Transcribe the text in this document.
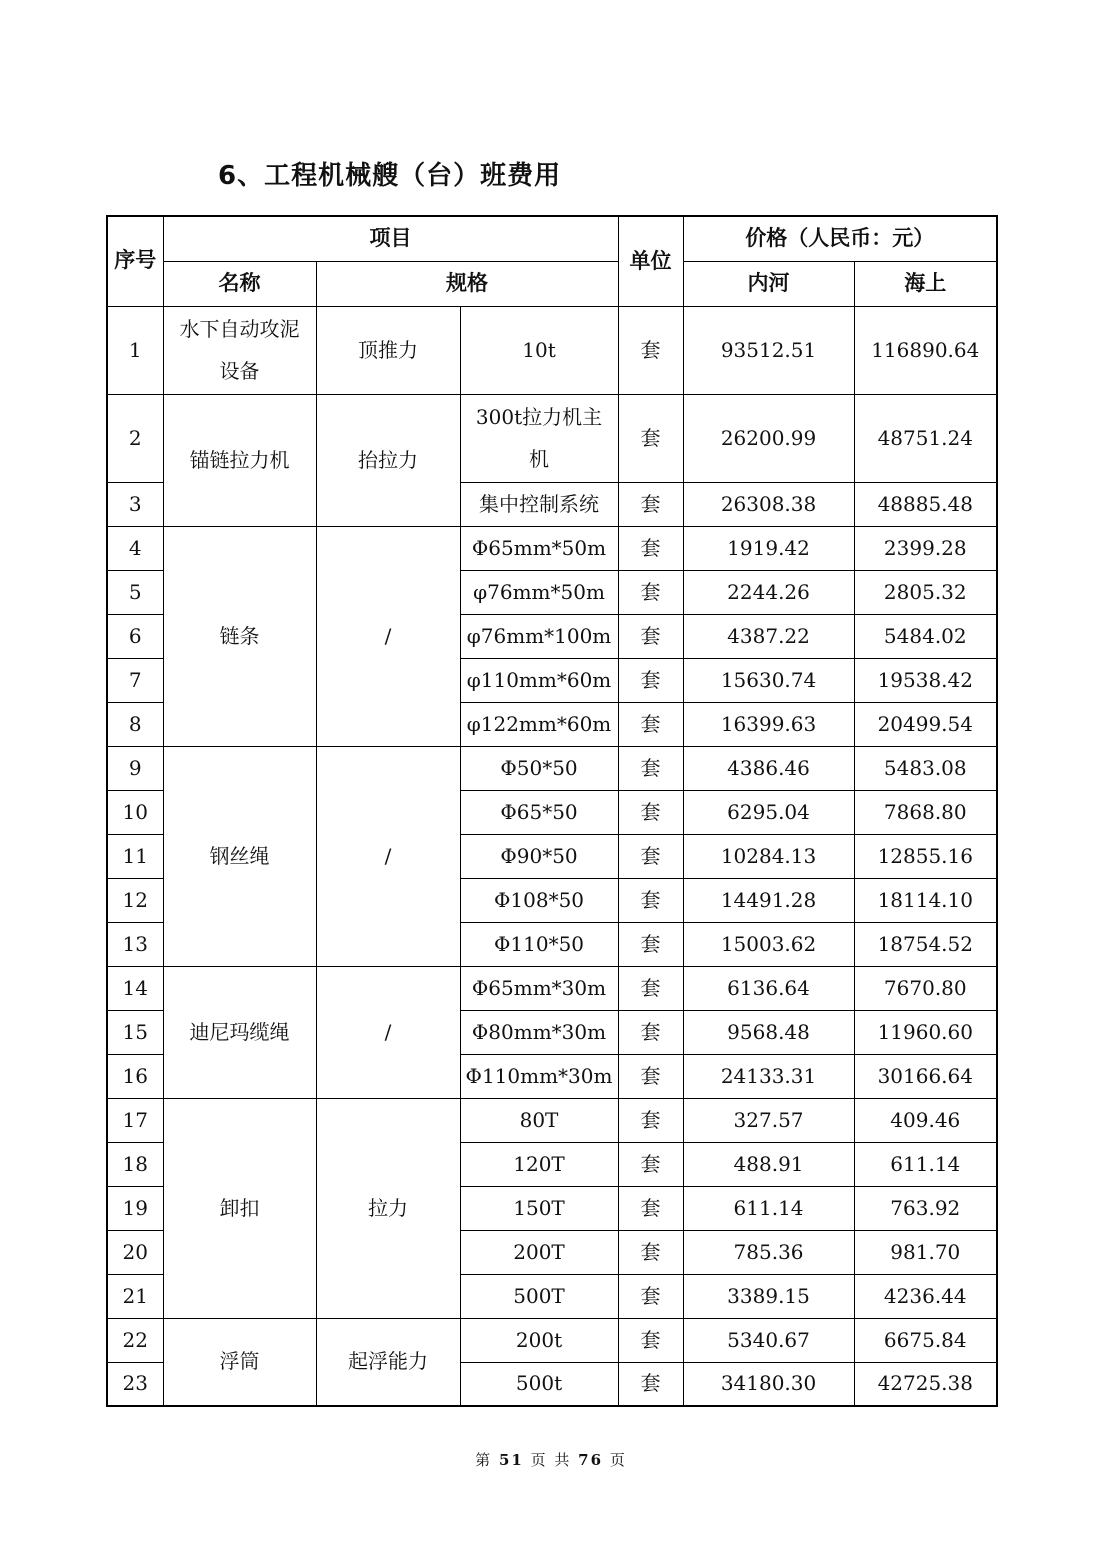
6、工程机械艘（台）班费用
序号	项目			单位	价格（人民币：元）	
	名称	规格			内河	海上
1	水下自动攻泥设备	顶推力	10t	套	93512.51	116890.64
2	锚链拉力机	抬拉力	300t拉力机主机	套	26200.99	48751.24
3			集中控制系统	套	26308.38	48885.48
4	链条	/	Φ65mm*50m	套	1919.42	2399.28
5			φ76mm*50m	套	2244.26	2805.32
6			φ76mm*100m	套	4387.22	5484.02
7			φ110mm*60m	套	15630.74	19538.42
8			φ122mm*60m	套	16399.63	20499.54
9	钢丝绳	/	Φ50*50	套	4386.46	5483.08
10			Φ65*50	套	6295.04	7868.80
11			Φ90*50	套	10284.13	12855.16
12			Φ108*50	套	14491.28	18114.10
13			Φ110*50	套	15003.62	18754.52
14	迪尼玛缆绳	/	Φ65mm*30m	套	6136.64	7670.80
15			Φ80mm*30m	套	9568.48	11960.60
16			Φ110mm*30m	套	24133.31	30166.64
17	卸扣	拉力	80T	套	327.57	409.46
18			120T	套	488.91	611.14
19			150T	套	611.14	763.92
20			200T	套	785.36	981.70
21			500T	套	3389.15	4236.44
22	浮筒	起浮能力	200t	套	5340.67	6675.84
23			500t	套	34180.30	42725.38
第 51 页 共 76 页
